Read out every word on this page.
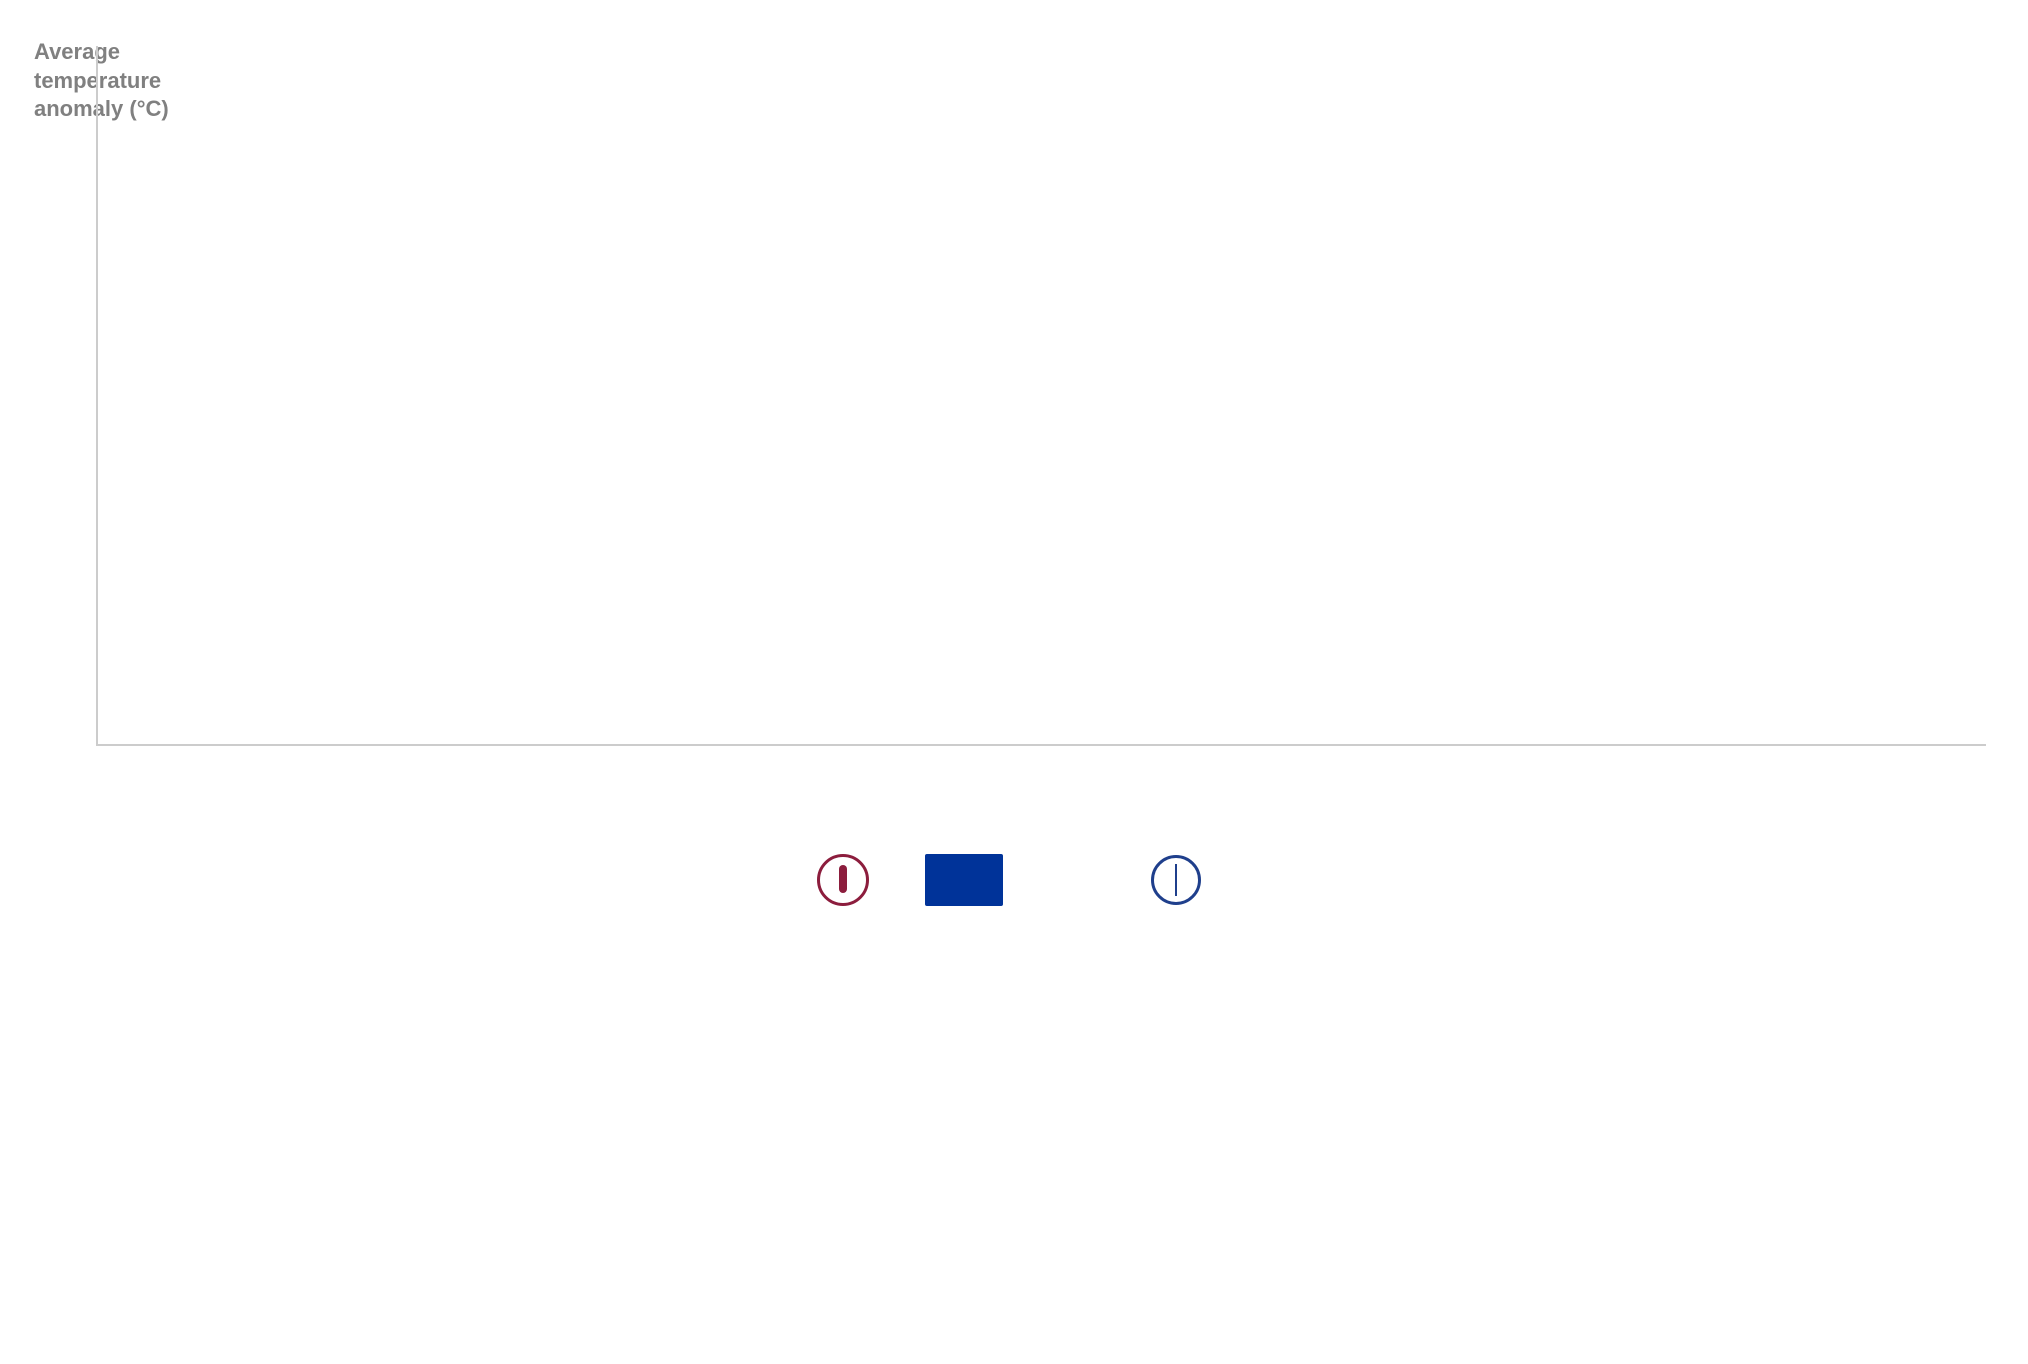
Average
temperature
anomaly (°C)
